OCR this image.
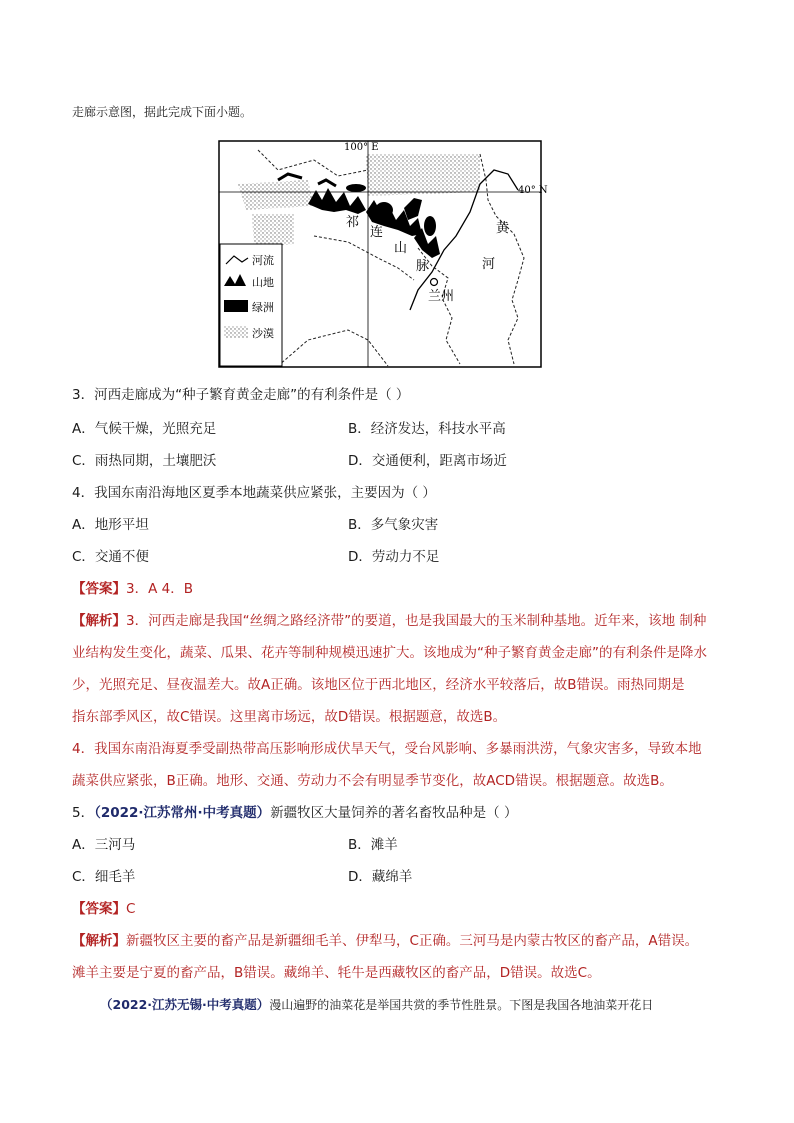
走廊示意图，据此完成下面小题。
100° E
40° N
祁
连
山
脉
黄
河
兰州
河流
山地
绿洲
沙漠
3．河西走廊成为“种子繁育黄金走廊”的有利条件是（ ）
A．气候干燥，光照充足	B．经济发达，科技水平高
C．雨热同期，土壤肥沃	D．交通便利，距离市场近
4．我国东南沿海地区夏季本地蔬菜供应紧张，主要因为（ ）
A．地形平坦	B．多气象灾害
C．交通不便	D．劳动力不足
【答案】3．A 4．B
【解析】3．河西走廊是我国“丝绸之路经济带”的要道，也是我国最大的玉米制种基地。近年来，该地 制种
业结构发生变化，蔬菜、瓜果、花卉等制种规模迅速扩大。该地成为“种子繁育黄金走廊”的有利条件是降水
少，光照充足、昼夜温差大。故A正确。该地区位于西北地区，经济水平较落后，故B错误。雨热同期是
指东部季风区，故C错误。这里离市场远，故D错误。根据题意，故选B。
4．我国东南沿海夏季受副热带高压影响形成伏旱天气，受台风影响、多暴雨洪涝，气象灾害多，导致本地
蔬菜供应紧张，B正确。地形、交通、劳动力不会有明显季节变化，故ACD错误。根据题意。故选B。
5．（2022·江苏常州·中考真题）新疆牧区大量饲养的著名畜牧品种是（ ）
A．三河马	B．滩羊
C．细毛羊	D．藏绵羊
【答案】C
【解析】新疆牧区主要的畜产品是新疆细毛羊、伊犁马，C正确。三河马是内蒙古牧区的畜产品，A错误。
滩羊主要是宁夏的畜产品，B错误。藏绵羊、牦牛是西藏牧区的畜产品，D错误。故选C。
（2022·江苏无锡·中考真题）漫山遍野的油菜花是举国共赏的季节性胜景。下图是我国各地油菜开花日
